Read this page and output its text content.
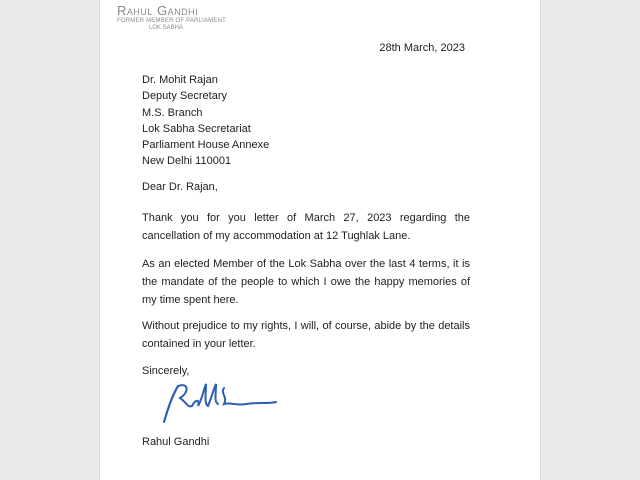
Rahul Gandhi
FORMER MEMBER OF PARLIAMENT
LOK SABHA
28th March, 2023
Dr. Mohit Rajan
Deputy Secretary
M.S. Branch
Lok Sabha Secretariat
Parliament House Annexe
New Delhi 110001
Dear Dr. Rajan,
Thank you for you letter of March 27, 2023 regarding the cancellation of my accommodation at 12 Tughlak Lane.
As an elected Member of the Lok Sabha over the last 4 terms, it is the mandate of the people to which I owe the happy memories of my time spent here.
Without prejudice to my rights, I will, of course, abide by the details contained in your letter.
Sincerely,
Rahul Gandhi
